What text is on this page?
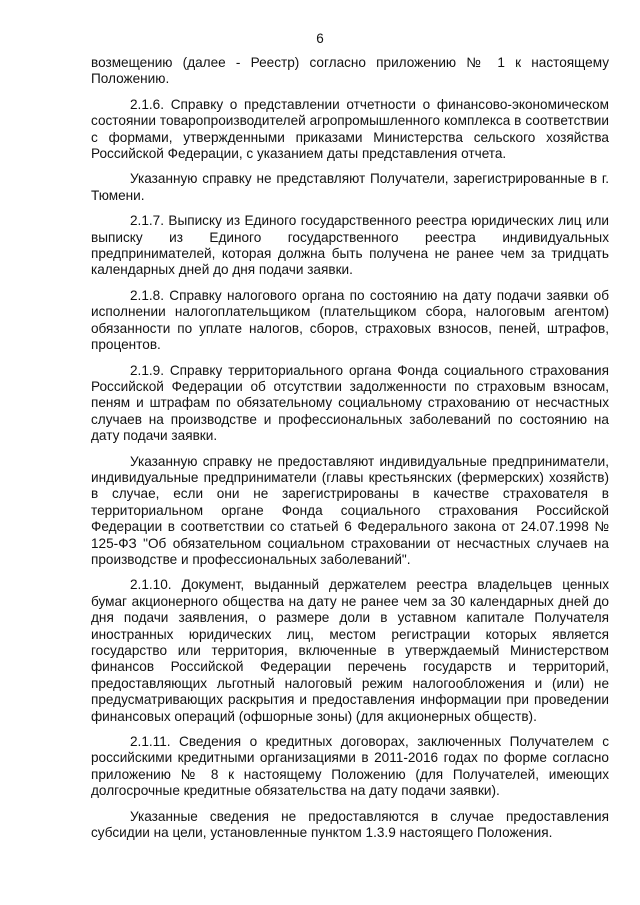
6

возмещению (далее - Реестр) согласно приложению № 1 к настоящему Положению.

2.1.6. Справку о представлении отчетности о финансово-экономическом состоянии товаропроизводителей агропромышленного комплекса в соответствии с формами, утвержденными приказами Министерства сельского хозяйства Российской Федерации, с указанием даты представления отчета.

Указанную справку не представляют Получатели, зарегистрированные в г. Тюмени.

2.1.7. Выписку из Единого государственного реестра юридических лиц или выписку из Единого государственного реестра индивидуальных предпринимателей, которая должна быть получена не ранее чем за тридцать календарных дней до дня подачи заявки.

2.1.8. Справку налогового органа по состоянию на дату подачи заявки об исполнении налогоплательщиком (плательщиком сбора, налоговым агентом) обязанности по уплате налогов, сборов, страховых взносов, пеней, штрафов, процентов.

2.1.9. Справку территориального органа Фонда социального страхования Российской Федерации об отсутствии задолженности по страховым взносам, пеням и штрафам по обязательному социальному страхованию от несчастных случаев на производстве и профессиональных заболеваний по состоянию на дату подачи заявки.

Указанную справку не предоставляют индивидуальные предприниматели, индивидуальные предприниматели (главы крестьянских (фермерских) хозяйств) в случае, если они не зарегистрированы в качестве страхователя в территориальном органе Фонда социального страхования Российской Федерации в соответствии со статьей 6 Федерального закона от 24.07.1998 № 125-ФЗ "Об обязательном социальном страховании от несчастных случаев на производстве и профессиональных заболеваний".

2.1.10. Документ, выданный держателем реестра владельцев ценных бумаг акционерного общества на дату не ранее чем за 30 календарных дней до дня подачи заявления, о размере доли в уставном капитале Получателя иностранных юридических лиц, местом регистрации которых является государство или территория, включенные в утверждаемый Министерством финансов Российской Федерации перечень государств и территорий, предоставляющих льготный налоговый режим налогообложения и (или) не предусматривающих раскрытия и предоставления информации при проведении финансовых операций (офшорные зоны) (для акционерных обществ).

2.1.11. Сведения о кредитных договорах, заключенных Получателем с российскими кредитными организациями в 2011-2016 годах по форме согласно приложению № 8 к настоящему Положению (для Получателей, имеющих долгосрочные кредитные обязательства на дату подачи заявки).

Указанные сведения не предоставляются в случае предоставления субсидии на цели, установленные пунктом 1.3.9 настоящего Положения.
